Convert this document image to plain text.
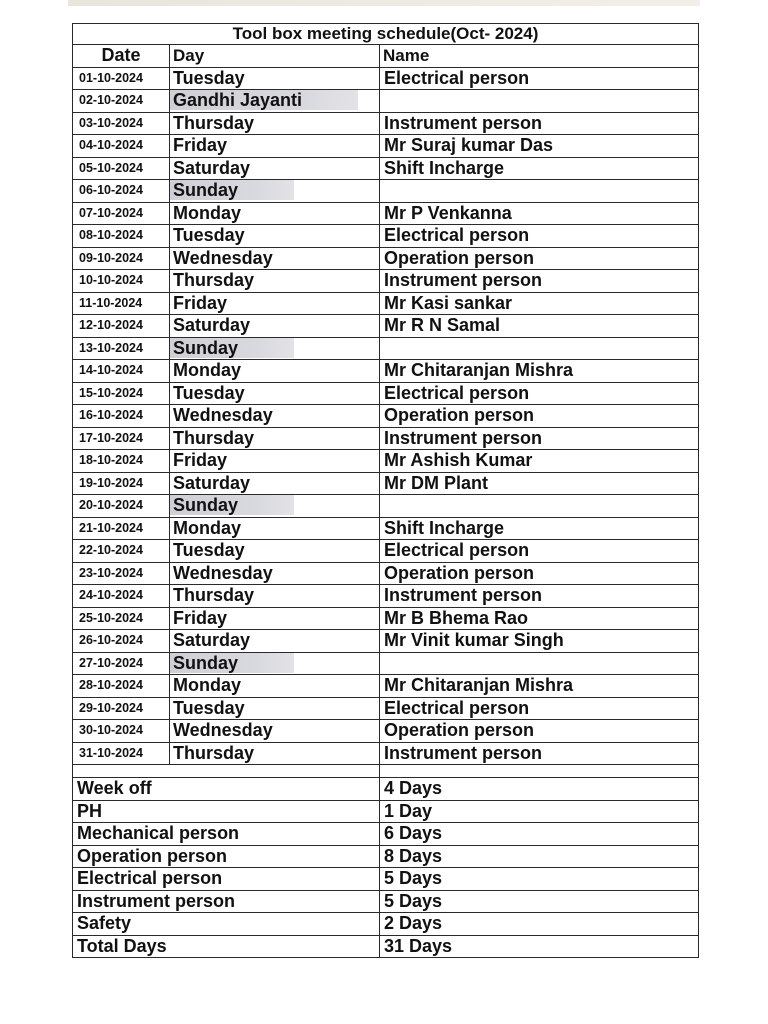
Tool box meeting schedule(Oct- 2024)		
Date	Day	Name
01-10-2024	Tuesday	Electrical person
02-10-2024	Gandhi Jayanti	
03-10-2024	Thursday	Instrument person
04-10-2024	Friday	Mr Suraj kumar Das
05-10-2024	Saturday	Shift Incharge
06-10-2024	Sunday	
07-10-2024	Monday	Mr P Venkanna
08-10-2024	Tuesday	Electrical person
09-10-2024	Wednesday	Operation person
10-10-2024	Thursday	Instrument person
11-10-2024	Friday	Mr Kasi sankar
12-10-2024	Saturday	Mr R N Samal
13-10-2024	Sunday	
14-10-2024	Monday	Mr Chitaranjan Mishra
15-10-2024	Tuesday	Electrical person
16-10-2024	Wednesday	Operation person
17-10-2024	Thursday	Instrument person
18-10-2024	Friday	Mr Ashish Kumar
19-10-2024	Saturday	Mr DM Plant
20-10-2024	Sunday	
21-10-2024	Monday	Shift Incharge
22-10-2024	Tuesday	Electrical person
23-10-2024	Wednesday	Operation person
24-10-2024	Thursday	Instrument person
25-10-2024	Friday	Mr B Bhema Rao
26-10-2024	Saturday	Mr Vinit kumar Singh
27-10-2024	Sunday	
28-10-2024	Monday	Mr Chitaranjan Mishra
29-10-2024	Tuesday	Electrical person
30-10-2024	Wednesday	Operation person
31-10-2024	Thursday	Instrument person

Week off		4 Days
PH		1 Day
Mechanical person		6 Days
Operation person		8 Days
Electrical person		5 Days
Instrument person		5 Days
Safety		2 Days
Total Days		31 Days
